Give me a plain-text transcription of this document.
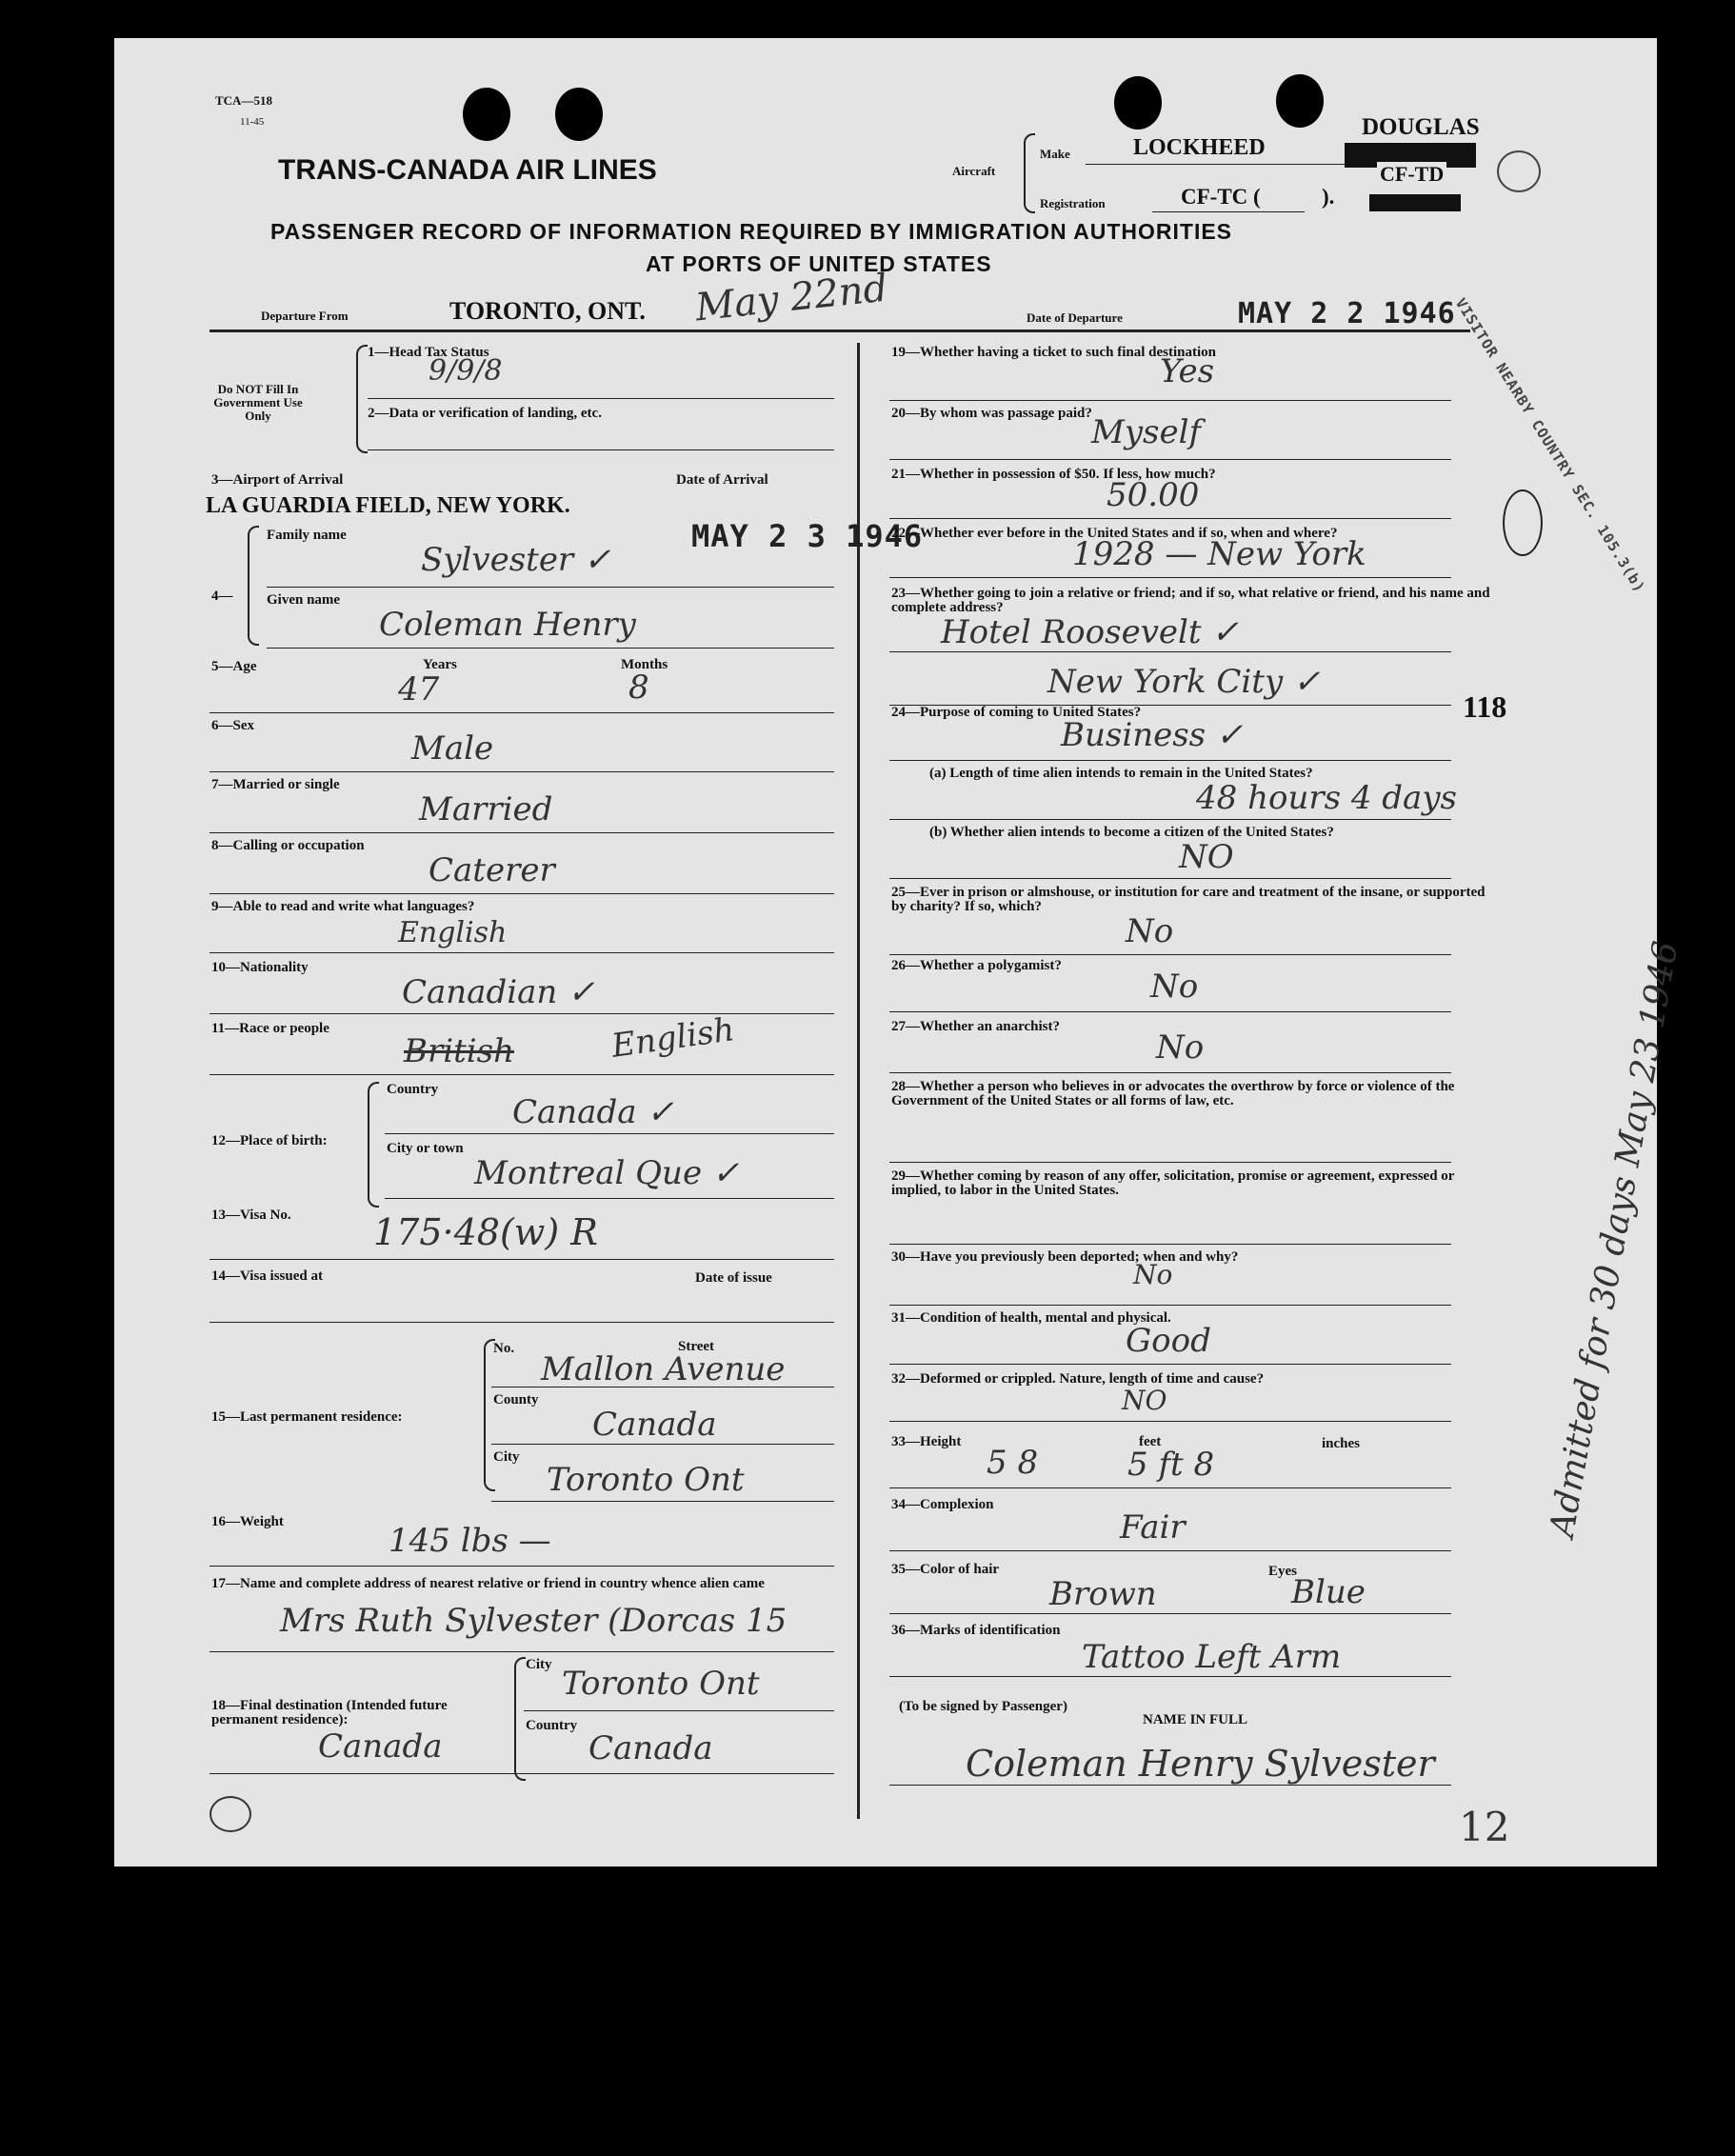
TCA—518
11-45
TRANS-CANADA AIR LINES	Aircraft
Make	LOCKHEED
DOUGLAS
Registration	CF-TC (	).
CF-TD
VISITOR NEARBY COUNTRY SEC. 105.3(b)
PASSENGER RECORD OF INFORMATION REQUIRED BY IMMIGRATION AUTHORITIES
AT PORTS OF UNITED STATES
Departure From	TORONTO, ONT. May 22nd	Date of Departure	MAY 2 2 1946
Do NOT Fill In Government Use Only
1—Head Tax Status
9/9/8
2—Data or verification of landing, etc.
3—Airport of Arrival	Date of Arrival
LA GUARDIA FIELD, NEW YORK.
MAY 2 3 1946
4—
Family name
Sylvester ✓
Given name
Coleman Henry
5—Age	Years	Months
47	8
6—Sex
Male
7—Married or single
Married
8—Calling or occupation
Caterer
9—Able to read and write what languages?
English
10—Nationality
Canadian ✓
11—Race or people
British	English
12—Place of birth:
Country
Canada ✓
City or town
Montreal Que ✓
13—Visa No. 175·48(w) R
14—Visa issued at	Date of issue
15—Last permanent residence:
No.	Street
Mallon Avenue
County
Canada
City
Toronto Ont
16—Weight	145 lbs —
17—Name and complete address of nearest relative or friend in country whence alien came
Mrs Ruth Sylvester (Dorcas 15
18—Final destination (Intended future permanent residence):
City Toronto Ont
Country
Canada
Canada
19—Whether having a ticket to such final destination
Yes
20—By whom was passage paid? Myself
21—Whether in possession of $50. If less, how much?
50.00
22—Whether ever before in the United States and if so, when and where?
1928 — New York
23—Whether going to join a relative or friend; and if so, what relative or friend, and his name and complete address?
Hotel Roosevelt ✓
New York City ✓
24—Purpose of coming to United States?	118
Business ✓
(a) Length of time alien intends to remain in the United States?
48 hours 4 days
(b) Whether alien intends to become a citizen of the United States?
NO
25—Ever in prison or almshouse, or institution for care and treatment of the insane, or supported by charity? If so, which?
No
26—Whether a polygamist?
No
27—Whether an anarchist?
No
28—Whether a person who believes in or advocates the overthrow by force or violence of the Government of the United States or all forms of law, etc.
29—Whether coming by reason of any offer, solicitation, promise or agreement, expressed or implied, to labor in the United States.
30—Have you previously been deported; when and why?
No
31—Condition of health, mental and physical.
Good
32—Deformed or crippled. Nature, length of time and cause?
NO
33—Height	feet	inches
5 8	5 ft 8
34—Complexion
Fair
35—Color of hair	Eyes
Brown	Blue
36—Marks of identification
Tattoo Left Arm
(To be signed by Passenger)
NAME IN FULL
Coleman Henry Sylvester
Admitted for 30 days May 23 1946
12
